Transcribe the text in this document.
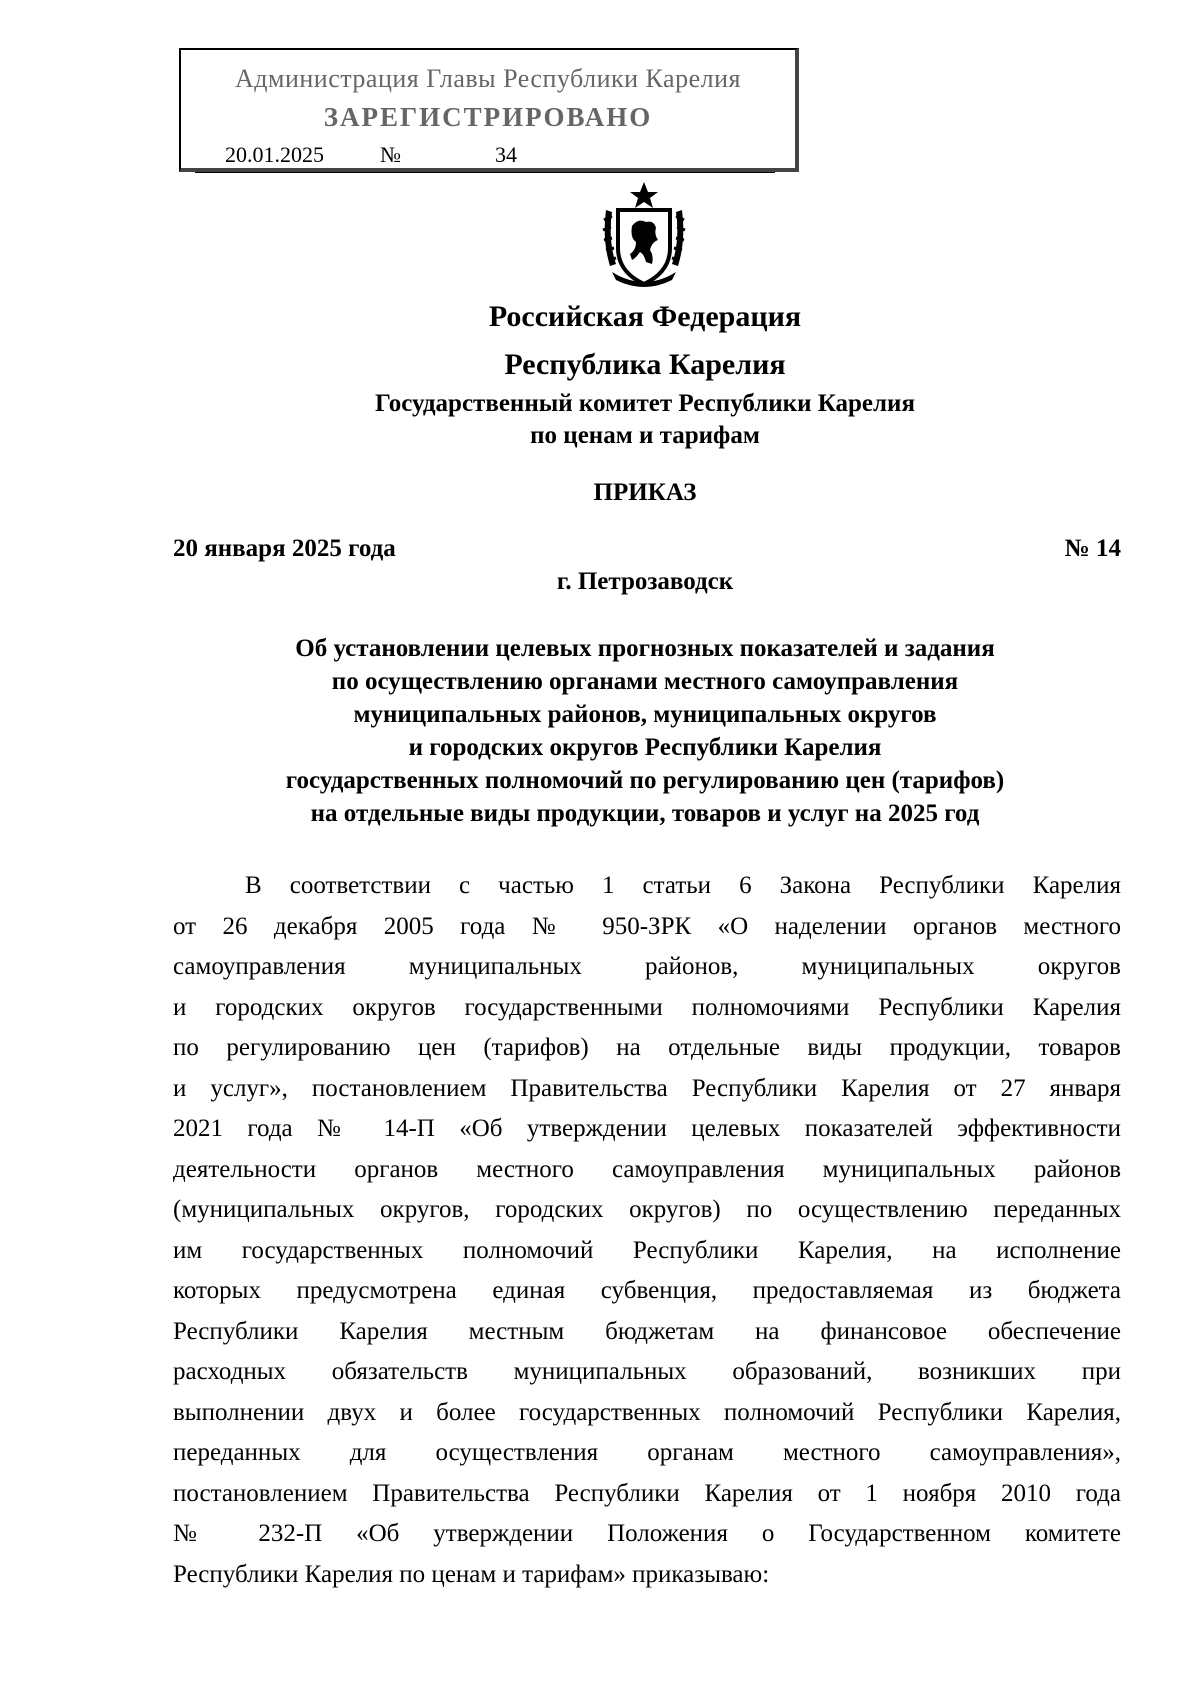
Администрация Главы Республики Карелия
ЗАРЕГИСТРИРОВАНО
20.01.2025	№	34
Российская Федерация
Республика Карелия
Государственный комитет Республики Карелия
по ценам и тарифам
ПРИКАЗ
20 января 2025 года	№ 14
г. Петрозаводск
Об установлении целевых прогнозных показателей и задания
по осуществлению органами местного самоуправления
муниципальных районов, муниципальных округов
и городских округов Республики Карелия
государственных полномочий по регулированию цен (тарифов)
на отдельные виды продукции, товаров и услуг на 2025 год
В соответствии с частью 1 статьи 6 Закона Республики Карелия
от 26 декабря 2005 года № 950-ЗРК «О наделении органов местного
самоуправления муниципальных районов, муниципальных округов
и городских округов государственными полномочиями Республики Карелия
по регулированию цен (тарифов) на отдельные виды продукции, товаров
и услуг», постановлением Правительства Республики Карелия от 27 января
2021 года № 14-П «Об утверждении целевых показателей эффективности
деятельности органов местного самоуправления муниципальных районов
(муниципальных округов, городских округов) по осуществлению переданных
им государственных полномочий Республики Карелия, на исполнение
которых предусмотрена единая субвенция, предоставляемая из бюджета
Республики Карелия местным бюджетам на финансовое обеспечение
расходных обязательств муниципальных образований, возникших при
выполнении двух и более государственных полномочий Республики Карелия,
переданных для осуществления органам местного самоуправления»,
постановлением Правительства Республики Карелия от 1 ноября 2010 года
№ 232-П «Об утверждении Положения о Государственном комитете
Республики Карелия по ценам и тарифам» приказываю:
